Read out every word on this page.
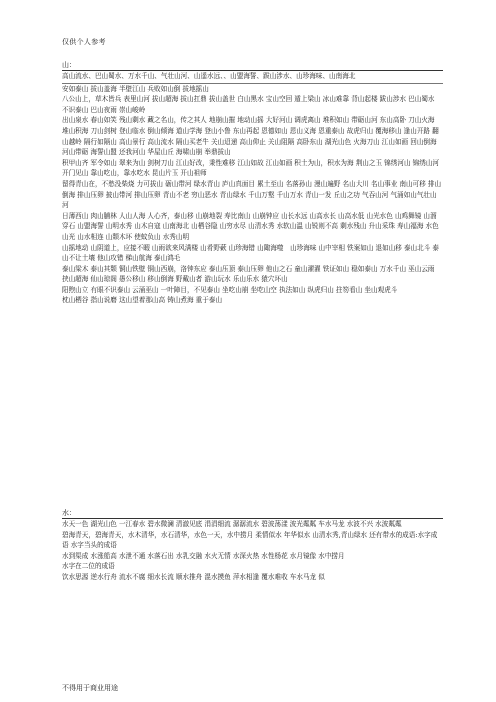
仅供个人参考
山：

高山流水、巴山蜀水、万水千山、气壮山河、山遥水远、、山盟海誓、跋山涉水、山珍海味、山南海北

安如泰山 拔山盖海 半壁江山 兵败如山倒 拔地摇山

八公山上，草木皆兵 表里山河 拔山超海 拔山扛鼎 拔山盖世 白山黑水 宝山空回 遁上梁山 冰山难靠 背山起楼 跋山涉水 巴山蜀水 不识泰山 巴山夜雨 崇山峻岭

出山泉水 春山如笑 残山剩水 藏之名山，传之其人 地崩山摧 地动山摇 大好河山 调虎离山 堆积如山 带砺山河 东山高卧 刀山火海 堆山积海 刀山剑树 登山临水 倒山倾海 道山学海 登山小鲁 东山再起 恩德如山 恩山义海 恩重泰山 故虎归山 覆海移山 逢山开路 翻山越岭 隔行如隔山 高山景行 高山流水 隔山买老牛 关山迢递 高山仰止 关山阻隔 高卧东山 湖光山色 火海刀山 江山如画 回山倒海 河山带砺 海誓山盟 还我河山 华屋山丘 海啸山崩 举鼎拔山

积甲山齐 军令如山 翠来为山 剑树刀山 江山好改，秉性难移 江山如故 江山如画 积土为山，积水为海 荆山之玉 锦绣河山 锦绣山河 开门见山 靠山吃山，靠水吃水 昆山片玉 开山祖师

留得青山在，不愁没柴烧 力可拔山 砺山带河 绿水青山 庐山真面目 累土至山 名落孙山 漫山遍野 名山大川 名山事业 南山可移 排山倒海 排山压卵 披山带河 排山压卵 青山不老 穷山恶水 青山绿水 千山万壑 千山万水 青山一发 丘山之功 气吞山河 气涌如山气壮山河

日薄西山 肉山脯林 人山人海 人心齐，泰山移 山崩地裂 寿比南山 山崩钟应 山长水远 山高水长 山高水低 山光水色 山鸡舞镜 山溜穿石 山盟海誓 山明水秀 山木自寇 山南海北 山栖谷隐 山穷水尽 山清水秀 水软山温 山锐则不高 剩水残山 升山采珠 寿山福海 水色山光 山水相连 山颓木坏 使蚊负山 水秀山明

山摇地动 山阴道上，应接不暇 山雨欲来风满楼 山肴野蔌 山珍海错 山陬海噬　山珍海味 山中宰相 铁案如山 退如山移 泰山北斗 泰山不让土壤 他山攻错 梯山航海 泰山鸿毛

泰山梁木 泰山其颓 铜山铁壁 铜山西崩，洛钟东应 泰山压顶 泰山压卵 他山之石 童山濯濯 铁证如山 稳如泰山 万水千山 巫山云雨 挟山超海 仙山琼阁 愚公移山 移山倒海 野戴山者 游山玩水 乐山乐水 猿穴坏山

阳煦山立 有眼不识泰山 云涌巫山 一叶障目，不见泰山 坐吃山崩 坐吃山空 执法如山 纵虎归山 拄笏看山 坐山观虎斗

枕山栖谷 指山说磨 这山望着那山高 铸山煮海 重于泰山

水：

水天一色 湖光山色 一江春水 碧水微澜 清澈见底 涓涓细流 潺潺流水 碧波荡漾 波光粼粼 车水马龙 水波不兴 水波粼粼

碧海青天，碧海青天，水木清华，水石清华，水色一天，水中捞月 柔情似水 年华似水 山清水秀,青山绿水 还有带水的成语:水字成语 水字当头的成语

水到渠成 水涨船高 水泄不通 水落石出 水乳交融 水火无情 水深火热 水性杨花 水月镜像 水中捞月

水字在二位的成语

饮水思源 逆水行舟 流水不腐 细水长流 顺水推舟 混水摸鱼 萍水相逢 覆水难收 车水马龙 似

不得用于商业用途
